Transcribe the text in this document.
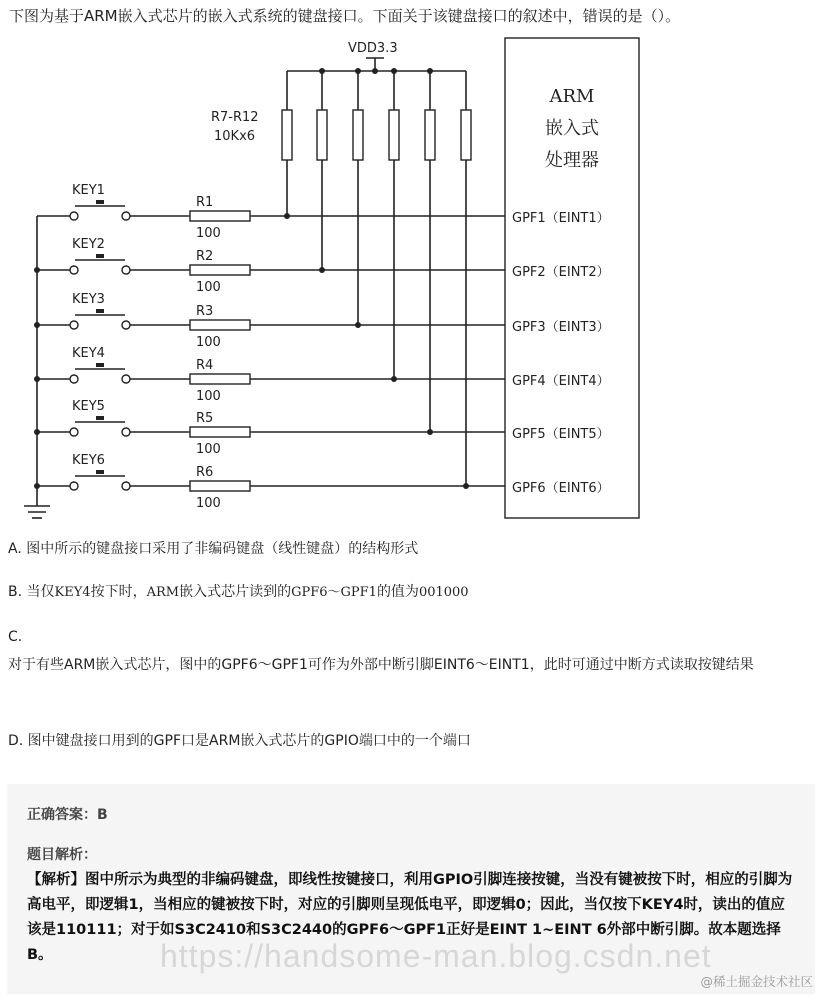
下图为基于ARM嵌入式芯片的嵌入式系统的键盘接口。下面关于该键盘接口的叙述中，错误的是（）。
VDD3.3
R7-R12
10Kx6
KEY1
KEY2
KEY3
KEY4
KEY5
KEY6
R1
R2
R3
R4
R5
R6
100
100
100
100
100
100
GPF1（EINT1）
GPF2（EINT2）
GPF3（EINT3）
GPF4（EINT4）
GPF5（EINT5）
GPF6（EINT6）
ARM
嵌入式
处理器
A. 图中所示的键盘接口采用了非编码键盘（线性键盘）的结构形式
B. 当仅KEY4按下时，ARM嵌入式芯片读到的GPF6～GPF1的值为001000
C.
对于有些ARM嵌入式芯片，图中的GPF6～GPF1可作为外部中断引脚EINT6～EINT1，此时可通过中断方式读取按键结果
D. 图中键盘接口用到的GPF口是ARM嵌入式芯片的GPIO端口中的一个端口
正确答案：B
题目解析：
【解析】图中所示为典型的非编码键盘，即线性按键接口，利用GPIO引脚连接按键，当没有键被按下时，相应的引脚为高电平，即逻辑1，当相应的键被按下时，对应的引脚则呈现低电平，即逻辑0；因此，当仅按下KEY4时，读出的值应该是110111；对于如S3C2410和S3C2440的GPF6～GPF1正好是EINT 1~EINT 6外部中断引脚。故本题选择B。	https://handsome-man.blog.csdn.net
@稀土掘金技术社区
